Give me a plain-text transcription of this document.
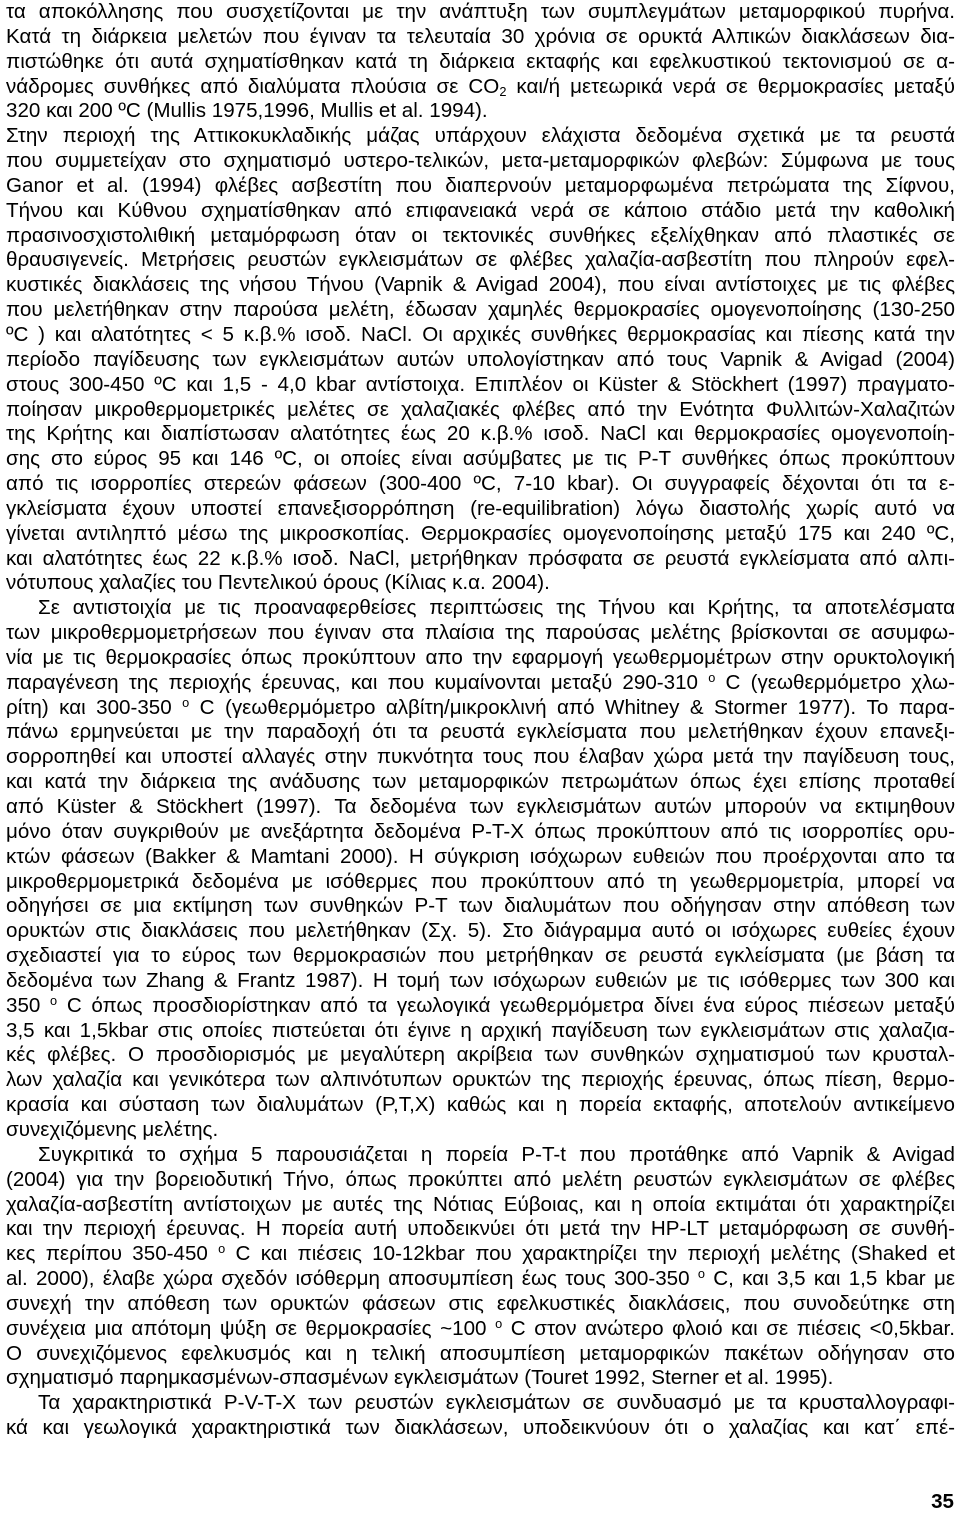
τα αποκόλλησης που συσχετίζονται με την ανάπτυξη των συμπλεγμάτων μεταμορφικού πυρήνα.
Κατά τη διάρκεια μελετών που έγιναν τα τελευταία 30 χρόνια σε ορυκτά Αλπικών διακλάσεων δια-
πιστώθηκε ότι αυτά σχηματίσθηκαν κατά τη διάρκεια εκταφής και εφελκυστικού τεκτονισμού σε α-
νάδρομες συνθήκες από διαλύματα πλούσια σε $CO_2$ και/ή μετεωρικά νερά σε θερμοκρασίες μεταξύ
320 και 200 ºC (Mullis 1975,1996, Mullis et al. 1994).
Στην περιοχή της Αττικοκυκλαδικής μάζας υπάρχουν ελάχιστα δεδομένα σχετικά με τα ρευστά
που συμμετείχαν στο σχηματισμό υστερο-τελικών, μετα-μεταμορφικών φλεβών: Σύμφωνα με τους
Ganor et al. (1994) φλέβες ασβεστίτη που διαπερνούν μεταμορφωμένα πετρώματα της Σίφνου,
Τήνου και Κύθνου σχηματίσθηκαν από επιφανειακά νερά σε κάποιο στάδιο μετά την καθολική
πρασινοσχιστολιθική μεταμόρφωση όταν οι τεκτονικές συνθήκες εξελίχθηκαν από πλαστικές σε
θραυσιγενείς. Μετρήσεις ρευστών εγκλεισμάτων σε φλέβες χαλαζία-ασβεστίτη που πληρούν εφελ-
κυστικές διακλάσεις της νήσου Τήνου (Vapnik & Avigad 2004), που είναι αντίστοιχες με τις φλέβες
που μελετήθηκαν στην παρούσα μελέτη, έδωσαν χαμηλές θερμοκρασίες ομογενοποίησης (130-250
ºC ) και αλατότητες < 5 κ.β.% ισοδ. NaCl. Οι αρχικές συνθήκες θερμοκρασίας και πίεσης κατά την
περίοδο παγίδευσης των εγκλεισμάτων αυτών υπολογίστηκαν από τους Vapnik & Avigad (2004)
στους 300-450 ºC και 1,5 - 4,0 kbar αντίστοιχα. Επιπλέον οι Küster & Stöckhert (1997) πραγματο-
ποίησαν μικροθερμομετρικές μελέτες σε χαλαζιακές φλέβες από την Ενότητα Φυλλιτών-Χαλαζιτών
της Κρήτης και διαπίστωσαν αλατότητες έως 20 κ.β.% ισοδ. NaCl και θερμοκρασίες ομογενοποίη-
σης στο εύρος 95 και 146 ºC, οι οποίες είναι ασύμβατες με τις P-T συνθήκες όπως προκύπτουν
από τις ισορροπίες στερεών φάσεων (300-400 ºC, 7-10 kbar). Οι συγγραφείς δέχονται ότι τα ε-
γκλείσματα έχουν υποστεί επανεξισορρόπηση (re-equilibration) λόγω διαστολής χωρίς αυτό να
γίνεται αντιληπτό μέσω της μικροσκοπίας. Θερμοκρασίες ομογενοποίησης μεταξύ 175 και 240 ºC,
και αλατότητες έως 22 κ.β.% ισοδ. NaCl, μετρήθηκαν πρόσφατα σε ρευστά εγκλείσματα από αλπι-
νότυπους χαλαζίες του Πεντελικού όρους (Κίλιας κ.α. 2004).
Σε αντιστοιχία με τις προαναφερθείσες περιπτώσεις της Τήνου και Κρήτης, τα αποτελέσματα
των μικροθερμομετρήσεων που έγιναν στα πλαίσια της παρούσας μελέτης βρίσκονται σε ασυμφω-
νία με τις θερμοκρασίες όπως προκύπτουν απο την εφαρμογή γεωθερμομέτρων στην ορυκτολογική
παραγένεση της περιοχής έρευνας, και που κυμαίνονται μεταξύ 290-310 $^o$ C (γεωθερμόμετρο χλω-
ρίτη) και 300-350 $^o$ C (γεωθερμόμετρο αλβίτη/μικροκλινή από Whitney & Stormer 1977). Το παρα-
πάνω ερμηνεύεται με την παραδοχή ότι τα ρευστά εγκλείσματα που μελετήθηκαν έχουν επανεξι-
σορροπηθεί και υποστεί αλλαγές στην πυκνότητα τους που έλαβαν χώρα μετά την παγίδευση τους,
και κατά την διάρκεια της ανάδυσης των μεταμορφικών πετρωμάτων όπως έχει επίσης προταθεί
από Küster & Stöckhert (1997). Τα δεδομένα των εγκλεισμάτων αυτών μπορούν να εκτιμηθουν
μόνο όταν συγκριθούν με ανεξάρτητα δεδομένα P-T-X όπως προκύπτουν από τις ισορροπίες ορυ-
κτών φάσεων (Bakker & Mamtani 2000). Η σύγκριση ισόχωρων ευθειών που προέρχονται απο τα
μικροθερμομετρικά δεδομένα με ισόθερμες που προκύπτουν από τη γεωθερμομετρία, μπορεί να
οδηγήσει σε μια εκτίμηση των συνθηκών P-T των διαλυμάτων που οδήγησαν στην απόθεση των
ορυκτών στις διακλάσεις που μελετήθηκαν (Σχ. 5). Στο διάγραμμα αυτό οι ισόχωρες ευθείες έχουν
σχεδιαστεί για το εύρος των θερμοκρασιών που μετρήθηκαν σε ρευστά εγκλείσματα (με βάση τα
δεδομένα των Zhang & Frantz 1987). Η τομή των ισόχωρων ευθειών με τις ισόθερμες των 300 και
350 $^o$ C όπως προσδιορίστηκαν από τα γεωλογικά γεωθερμόμετρα δίνει ένα εύρος πιέσεων μεταξύ
3,5 και 1,5kbar στις οποίες πιστεύεται ότι έγινε η αρχική παγίδευση των εγκλεισμάτων στις χαλαζια-
κές φλέβες. Ο προσδιορισμός με μεγαλύτερη ακρίβεια των συνθηκών σχηματισμού των κρυσταλ-
λων χαλαζία και γενικότερα των αλπινότυπων ορυκτών της περιοχής έρευνας, όπως πίεση, θερμο-
κρασία και σύσταση των διαλυμάτων (P,T,X) καθώς και η πορεία εκταφής, αποτελούν αντικείμενο
συνεχιζόμενης μελέτης.
Συγκριτικά το σχήμα 5 παρουσιάζεται η πορεία P-T-t που προτάθηκε από Vapnik & Avigad
(2004) για την βορειοδυτική Τήνο, όπως προκύπτει από μελέτη ρευστών εγκλεισμάτων σε φλέβες
χαλαζία-ασβεστίτη αντίστοιχων με αυτές της Νότιας Εύβοιας, και η οποία εκτιμάται ότι χαρακτηρίζει
και την περιοχή έρευνας. Η πορεία αυτή υποδεικνύει ότι μετά την HP-LT μεταμόρφωση σε συνθή-
κες περίπου 350-450 $^o$ C και πιέσεις 10-12kbar που χαρακτηρίζει την περιοχή μελέτης (Shaked et
al. 2000), έλαβε χώρα σχεδόν ισόθερμη αποσυμπίεση έως τους 300-350 $^o$ C, και 3,5 και 1,5 kbar με
συνεχή την απόθεση των ορυκτών φάσεων στις εφελκυστικές διακλάσεις, που συνοδεύτηκε στη
συνέχεια μια απότομη ψύξη σε θερμοκρασίες ~100 $^o$ C στον ανώτερο φλοιό και σε πιέσεις <0,5kbar.
Ο συνεχιζόμενος εφελκυσμός και η τελική αποσυμπίεση μεταμορφικών πακέτων οδήγησαν στο
σχηματισμό παρημκασμένων-σπασμένων εγκλεισμάτων (Touret 1992, Sterner et al. 1995).
Τα χαρακτηριστικά P-V-T-X των ρευστών εγκλεισμάτων σε συνδυασμό με τα κρυσταλλογραφι-
κά και γεωλογικά χαρακτηριστικά των διακλάσεων, υποδεικνύουν ότι ο χαλαζίας και κατ΄ επέ-
35
